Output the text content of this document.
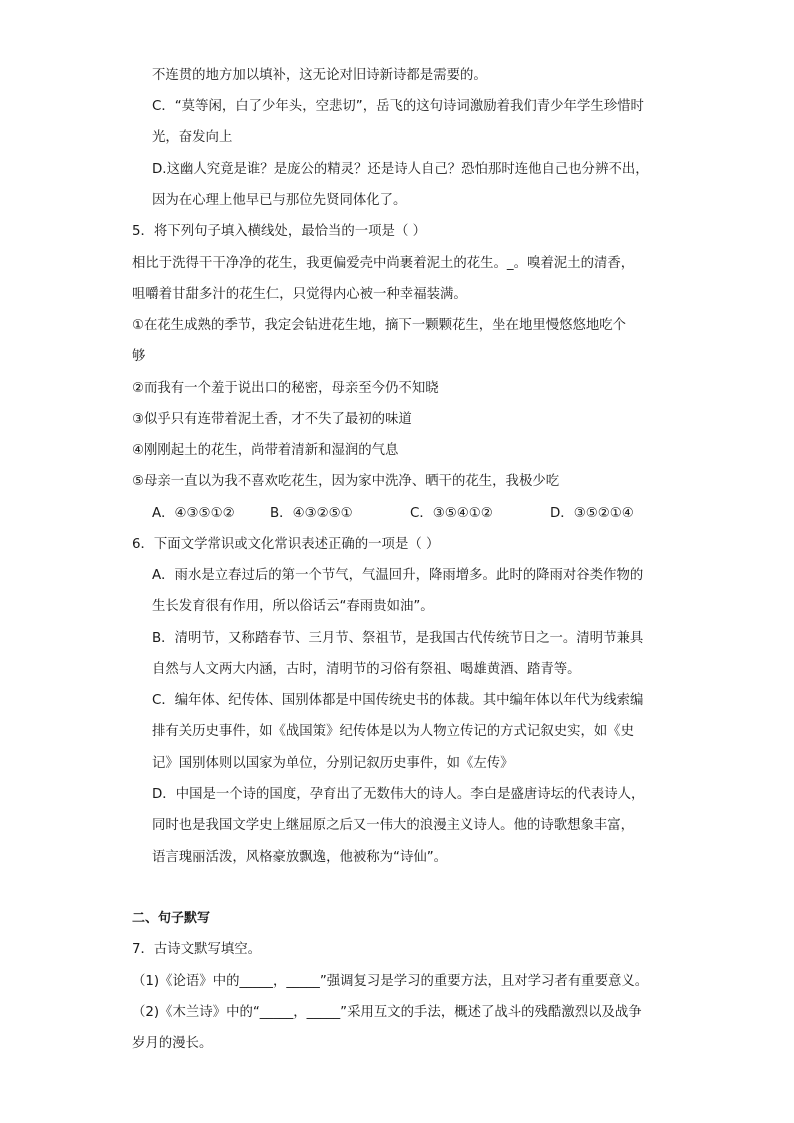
不连贯的地方加以填补，这无论对旧诗新诗都是需要的。
C．“莫等闲，白了少年头，空悲切”，岳飞的这句诗词激励着我们青少年学生珍惜时
光，奋发向上
D.这幽人究竟是谁？是庞公的精灵？还是诗人自己？恐怕那时连他自己也分辨不出，
因为在心理上他早已与那位先贤同体化了。
5．将下列句子填入横线处，最恰当的一项是（ ）
相比于洗得干干净净的花生，我更偏爱壳中尚裹着泥土的花生。_。嗅着泥土的清香，
咀嚼着甘甜多汁的花生仁，只觉得内心被一种幸福装满。
①在花生成熟的季节，我定会钻进花生地，摘下一颗颗花生，坐在地里慢悠悠地吃个
够
②而我有一个羞于说出口的秘密，母亲至今仍不知晓
③似乎只有连带着泥土香，才不失了最初的味道
④刚刚起土的花生，尚带着清新和湿润的气息
⑤母亲一直以为我不喜欢吃花生，因为家中洗净、晒干的花生，我极少吃
A．④③⑤①②	B．④③②⑤①	C．③⑤④①②	D．③⑤②①④
6．下面文学常识或文化常识表述正确的一项是（ ）
A．雨水是立春过后的第一个节气，气温回升，降雨增多。此时的降雨对谷类作物的
生长发育很有作用，所以俗话云“春雨贵如油”。
B．清明节，又称踏春节、三月节、祭祖节，是我国古代传统节日之一。清明节兼具
自然与人文两大内涵，古时，清明节的习俗有祭祖、喝雄黄酒、踏青等。
C．编年体、纪传体、国别体都是中国传统史书的体裁。其中编年体以年代为线索编
排有关历史事件，如《战国策》纪传体是以为人物立传记的方式记叙史实，如《史
记》国别体则以国家为单位，分别记叙历史事件，如《左传》
D．中国是一个诗的国度，孕育出了无数伟大的诗人。李白是盛唐诗坛的代表诗人，
同时也是我国文学史上继屈原之后又一伟大的浪漫主义诗人。他的诗歌想象丰富，
语言瑰丽活泼，风格豪放飘逸，他被称为“诗仙”。
二、句子默写
7．古诗文默写填空。
（1)《论语》中的_____，_____”强调复习是学习的重要方法，且对学习者有重要意义。
（2)《木兰诗》中的“_____，_____”采用互文的手法，概述了战斗的残酷激烈以及战争
岁月的漫长。
